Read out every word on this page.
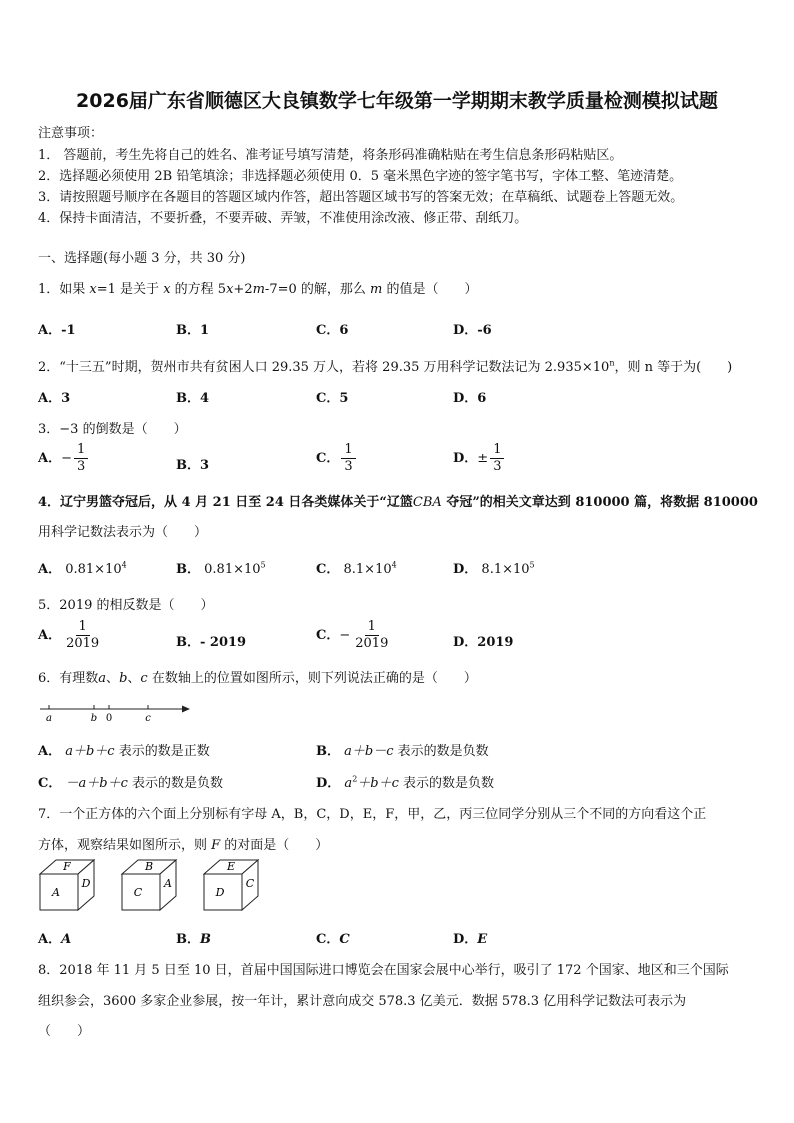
2026届广东省顺德区大良镇数学七年级第一学期期末教学质量检测模拟试题
注意事项：
1． 答题前，考生先将自己的姓名、准考证号填写清楚，将条形码准确粘贴在考生信息条形码粘贴区。
2．选择题必须使用 2B 铅笔填涂；非选择题必须使用 0．5 毫米黑色字迹的签字笔书写，字体工整、笔迹清楚。
3．请按照题号顺序在各题目的答题区域内作答，超出答题区域书写的答案无效；在草稿纸、试题卷上答题无效。
4．保持卡面清洁，不要折叠，不要弄破、弄皱，不准使用涂改液、修正带、刮纸刀。
一、选择题(每小题 3 分，共 30 分)
1．如果 x=1 是关于 x 的方程 5x+2m-7=0 的解，那么 m 的值是（　　）
A．-1	B．1	C．6	D．-6
2．“十三五”时期，贺州市共有贫困人口 29.35 万人，若将 29.35 万用科学记数法记为 $2.935\times 10^n$，则 n 等于为(　　)
A．3	B．4	C．5	D．6
3．−3 的倒数是（　　）
A．− $\frac{1}{3}$	B．3	C． $\frac{1}{3}$	D．± $\frac{1}{3}$
4．辽宁男篮夺冠后，从 4 月 21 日至 24 日各类媒体关于“辽篮CBA 夺冠”的相关文章达到 810000 篇，将数据 810000
用科学记数法表示为（　　）
A． $0.81\times 10^4$	B． $0.81\times 10^5$	C． $8.1\times 10^4$	D． $8.1\times 10^5$
5．2019 的相反数是（　　）
A． $\frac{1}{2019}$	B．- 2019	C．− $\frac{1}{2019}$	D．2019
6．有理数a、b、c 在数轴上的位置如图所示，则下列说法正确的是（　　）
a	b 0	c
A． a＋b＋c 表示的数是正数	B． a＋b－c 表示的数是负数
C． －a＋b＋c 表示的数是负数	D． $a^2+b+c$ 表示的数是负数
7．一个正方体的六个面上分别标有字母 A，B，C，D，E，F，甲，乙，丙三位同学分别从三个不同的方向看这个正
方体，观察结果如图所示，则 F 的对面是（　　）
F
A
D
B
C
A
E
D
C
A．A	B．B	C．C	D．E
8．2018 年 11 月 5 日至 10 日，首届中国国际进口博览会在国家会展中心举行，吸引了 172 个国家、地区和三个国际
组织参会，3600 多家企业参展，按一年计，累计意向成交 578.3 亿美元．数据 578.3 亿用科学记数法可表示为
（　　）
